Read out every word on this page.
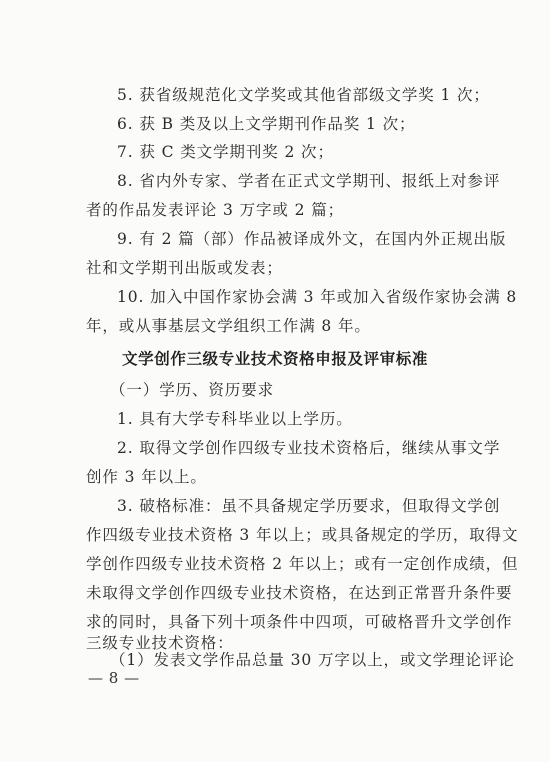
5. 获省级规范化文学奖或其他省部级文学奖 1 次；
6. 获 B 类及以上文学期刊作品奖 1 次；
7. 获 C 类文学期刊奖 2 次；
8. 省内外专家、学者在正式文学期刊、报纸上对参评
者的作品发表评论 3 万字或 2 篇；
9. 有 2 篇（部）作品被译成外文，在国内外正规出版
社和文学期刊出版或发表；
10. 加入中国作家协会满 3 年或加入省级作家协会满 8
年，或从事基层文学组织工作满 8 年。
文学创作三级专业技术资格申报及评审标准
（一）学历、资历要求
1. 具有大学专科毕业以上学历。
2. 取得文学创作四级专业技术资格后，继续从事文学
创作 3 年以上。
3. 破格标准：虽不具备规定学历要求，但取得文学创
作四级专业技术资格 3 年以上；或具备规定的学历，取得文
学创作四级专业技术资格 2 年以上；或有一定创作成绩，但
未取得文学创作四级专业技术资格，在达到正常晋升条件要
求的同时，具备下列十项条件中四项，可破格晋升文学创作
三级专业技术资格：
（1）发表文学作品总量 30 万字以上，或文学理论评论
— 8 —
